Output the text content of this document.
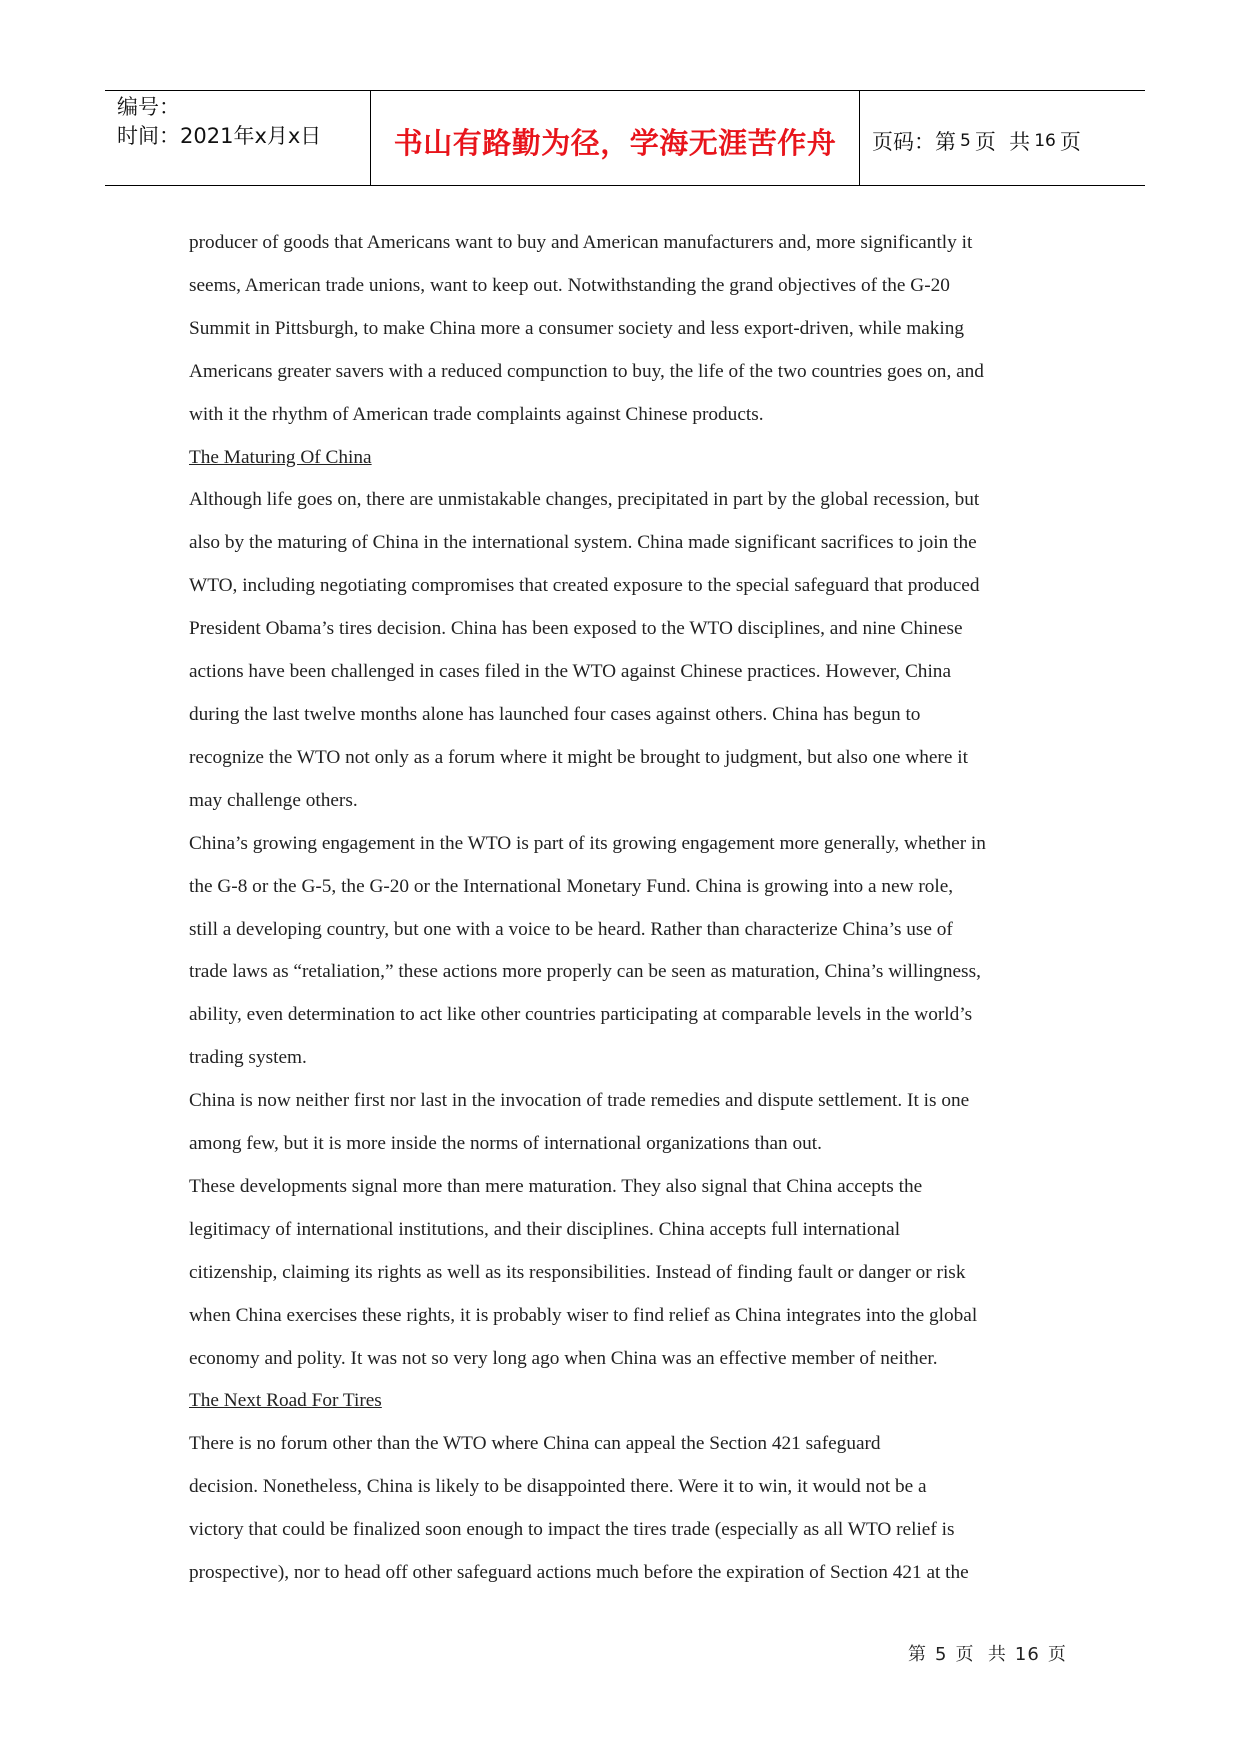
编号：
时间：2021年x月x日	书山有路勤为径，学海无涯苦作舟 页码：第 5 页  共 16 页
producer of goods that Americans want to buy and American manufacturers and, more significantly it
seems, American trade unions, want to keep out. Notwithstanding the grand objectives of the G-20
Summit in Pittsburgh, to make China more a consumer society and less export-driven, while making
Americans greater savers with a reduced compunction to buy, the life of the two countries goes on, and
with it the rhythm of American trade complaints against Chinese products.
The Maturing Of China
Although life goes on, there are unmistakable changes, precipitated in part by the global recession, but
also by the maturing of China in the international system. China made significant sacrifices to join the
WTO, including negotiating compromises that created exposure to the special safeguard that produced
President Obama’s tires decision. China has been exposed to the WTO disciplines, and nine Chinese
actions have been challenged in cases filed in the WTO against Chinese practices. However, China
during the last twelve months alone has launched four cases against others. China has begun to
recognize the WTO not only as a forum where it might be brought to judgment, but also one where it
may challenge others.
China’s growing engagement in the WTO is part of its growing engagement more generally, whether in
the G-8 or the G-5, the G-20 or the International Monetary Fund. China is growing into a new role,
still a developing country, but one with a voice to be heard. Rather than characterize China’s use of
trade laws as “retaliation,” these actions more properly can be seen as maturation, China’s willingness,
ability, even determination to act like other countries participating at comparable levels in the world’s
trading system.
China is now neither first nor last in the invocation of trade remedies and dispute settlement. It is one
among few, but it is more inside the norms of international organizations than out.
These developments signal more than mere maturation. They also signal that China accepts the
legitimacy of international institutions, and their disciplines. China accepts full international
citizenship, claiming its rights as well as its responsibilities. Instead of finding fault or danger or risk
when China exercises these rights, it is probably wiser to find relief as China integrates into the global
economy and polity. It was not so very long ago when China was an effective member of neither.
The Next Road For Tires
There is no forum other than the WTO where China can appeal the Section 421 safeguard
decision. Nonetheless, China is likely to be disappointed there. Were it to win, it would not be a
victory that could be finalized soon enough to impact the tires trade (especially as all WTO relief is
prospective), nor to head off other safeguard actions much before the expiration of Section 421 at the
第 5 页  共 16 页
